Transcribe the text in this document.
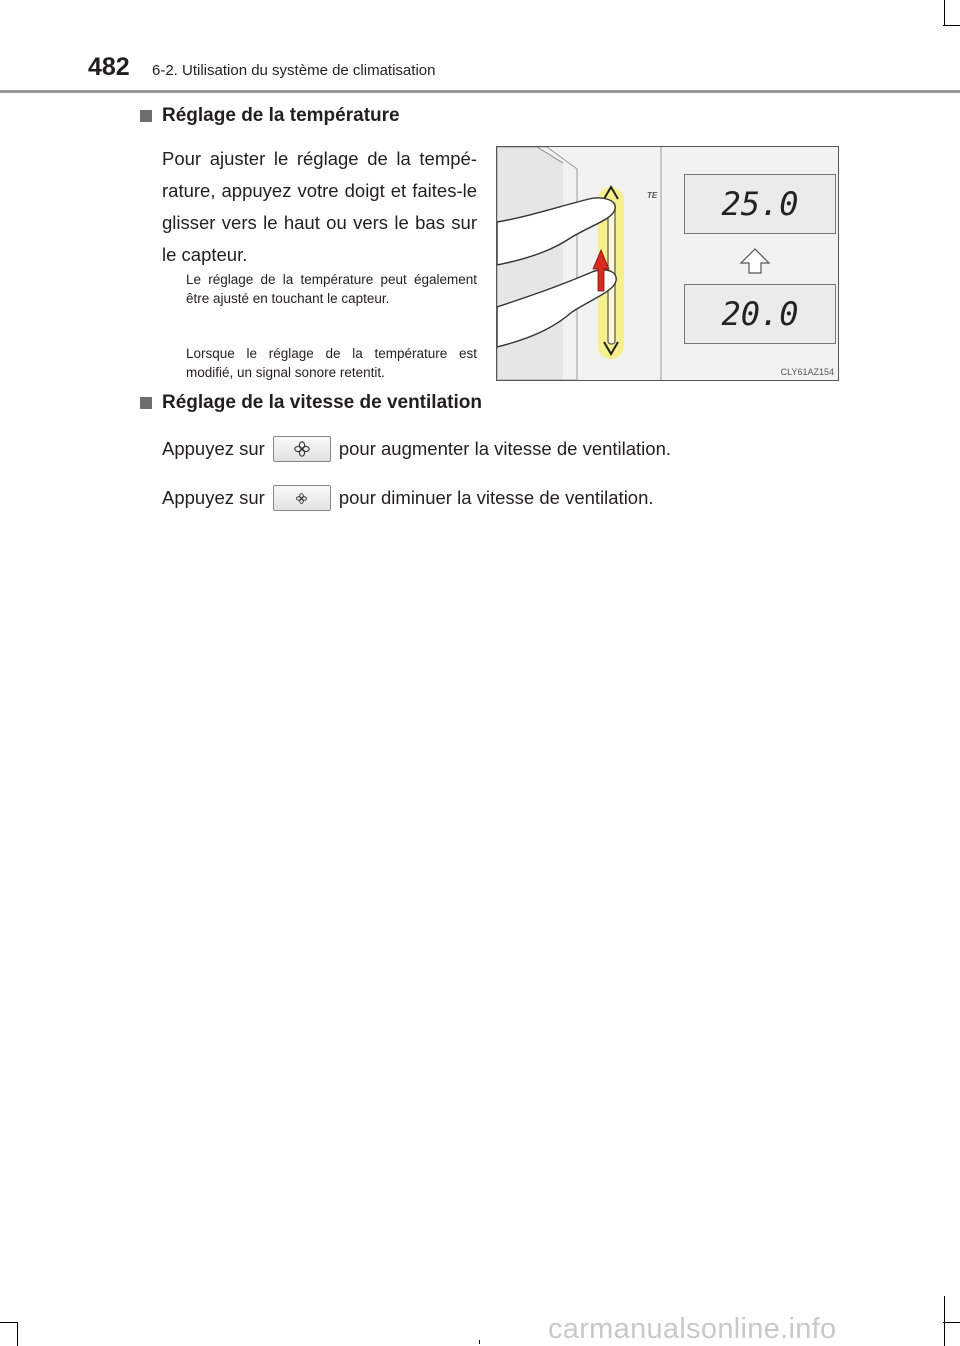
482 6-2. Utilisation du système de climatisation
Réglage de la température
Pour ajuster le réglage de la température, appuyez votre doigt et faites-le glisser vers le haut ou vers le bas sur le capteur.
Le réglage de la température peut également être ajusté en touchant le capteur.
Lorsque le réglage de la température est modifié, un signal sonore retentit.
TE	25.0
20.0
CLY61AZ154
Réglage de la vitesse de ventilation
Appuyez sur	pour augmenter la vitesse de ventilation.
Appuyez sur	pour diminuer la vitesse de ventilation.
carmanualsonline.info
